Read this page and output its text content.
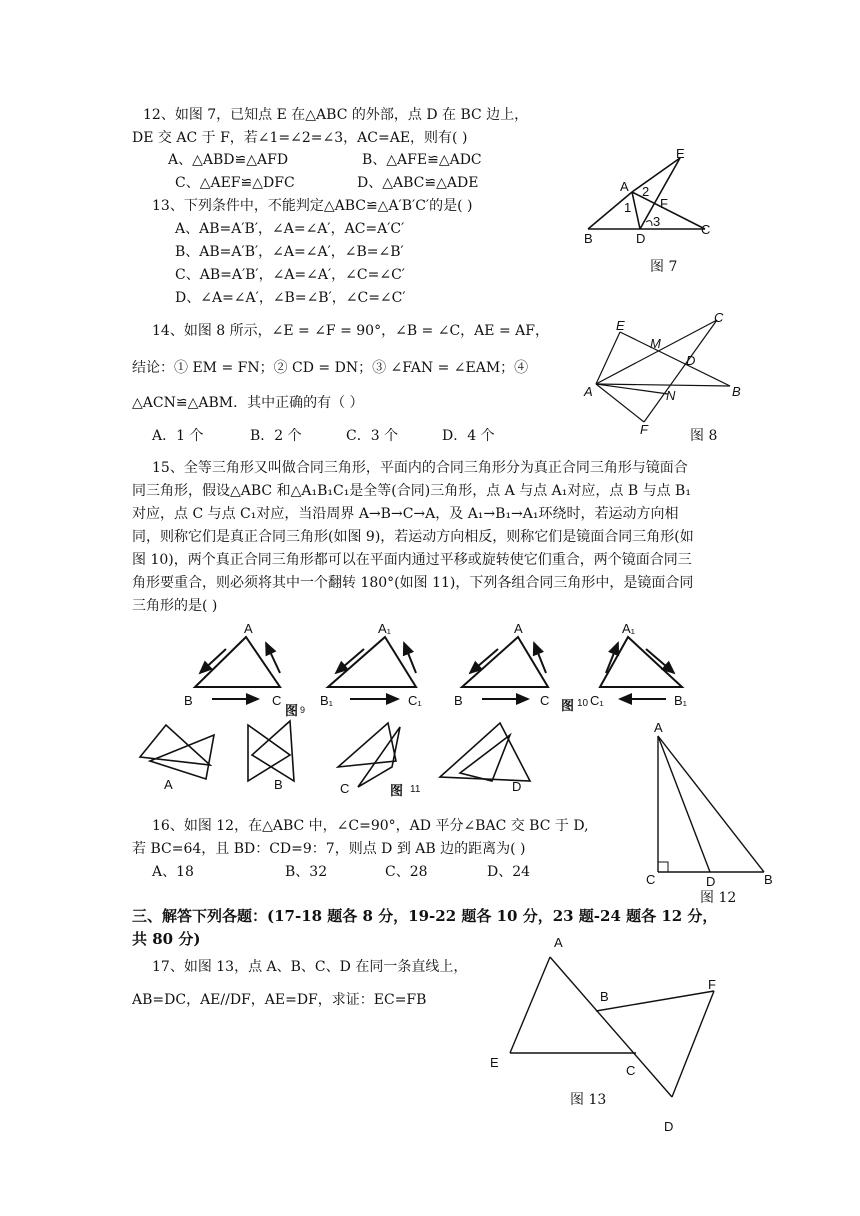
12、如图 7，已知点 E 在△ABC 的外部，点 D 在 BC 边上，
DE 交 AC 于 F，若∠1=∠2=∠3，AC=AE，则有( )
A、△ABD≌△AFD	B、△AFE≌△ADC
C、△AEF≌△DFC	D、△ABC≌△ADE
13、下列条件中，不能判定△ABC≌△A′B′C′的是( )
A、AB=A′B′，∠A=∠A′，AC=A′C′
B、AB=A′B′，∠A=∠A′，∠B=∠B′
C、AB=A′B′，∠A=∠A′，∠C=∠C′
D、∠A=∠A′，∠B=∠B′，∠C=∠C′
E
A 2
1 F
3
B	D
C
图 7
14、如图 8 所示，∠E = ∠F = 90°，∠B = ∠C，AE = AF，
结论：① EM = FN；② CD = DN；③ ∠FAN = ∠EAM；④
△ACN≌△ABM．其中正确的有（ ）
A．1 个	B．2 个	C．3 个	D．4 个
E
C
M
D
A	B
N
F	图 8
15、全等三角形又叫做合同三角形，平面内的合同三角形分为真正合同三角形与镜面合
同三角形，假设△ABC 和△A₁B₁C₁是全等(合同)三角形，点 A 与点 A₁对应，点 B 与点 B₁
对应，点 C 与点 C₁对应，当沿周界 A→B→C→A，及 A₁→B₁→A₁环绕时，若运动方向相
同，则称它们是真正合同三角形(如图 9)，若运动方向相反，则称它们是镜面合同三角形(如
图 10)，两个真正合同三角形都可以在平面内通过平移或旋转使它们重合，两个镜面合同三
角形要重合，则必须将其中一个翻转 180°(如图 11)，下列各组合同三角形中，是镜面合同
三角形的是( )
A
B	C
A₁
B₁	C₁
A
B	C
A₁
C₁	B₁
图 9	图 10
A	B	C	D
图 11
A
C	D	B
图 12
16、如图 12，在△ABC 中，∠C=90°，AD 平分∠BAC 交 BC 于 D,
若 BC=64，且 BD：CD=9：7，则点 D 到 AB 边的距离为( )
A、18	B、32	C、28	D、24
三、解答下列各题：(17-18 题各 8 分，19-22 题各 10 分，23 题-24 题各 12 分，
共 80 分)
17、如图 13，点 A、B、C、D 在同一条直线上，
AB=DC，AE//DF，AE=DF，求证：EC=FB
A
B
F
E
C
D
图 13
